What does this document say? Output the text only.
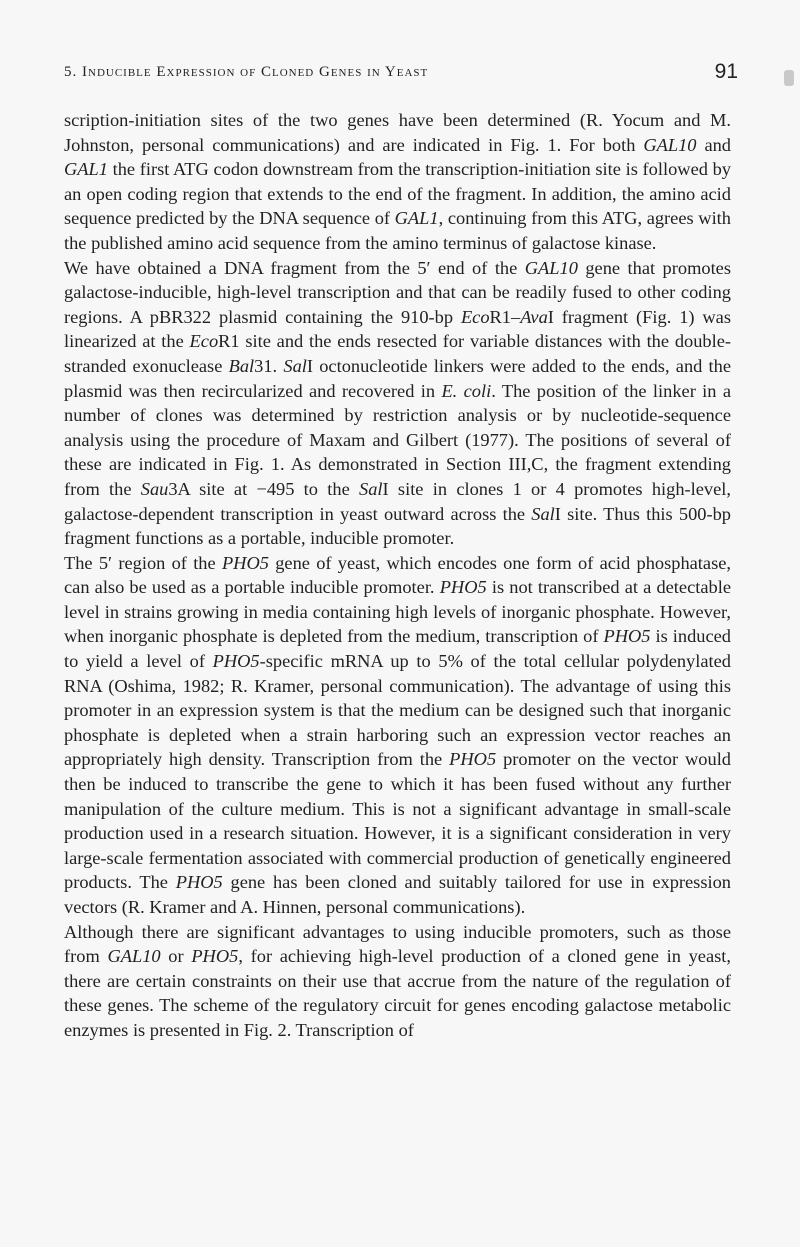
5. Inducible Expression of Cloned Genes in Yeast	91

scription-initiation sites of the two genes have been determined (R. Yocum and M. Johnston, personal communications) and are indicated in Fig. 1. For both GAL10 and GAL1 the first ATG codon downstream from the transcription-initiation site is followed by an open coding region that extends to the end of the fragment. In addition, the amino acid sequence predicted by the DNA sequence of GAL1, continuing from this ATG, agrees with the published amino acid sequence from the amino terminus of galactose kinase.

We have obtained a DNA fragment from the 5′ end of the GAL10 gene that promotes galactose-inducible, high-level transcription and that can be readily fused to other coding regions. A pBR322 plasmid containing the 910-bp EcoR1–AvaI fragment (Fig. 1) was linearized at the EcoR1 site and the ends resected for variable distances with the double-stranded exonuclease Bal31. SalI octonucleotide linkers were added to the ends, and the plasmid was then recircularized and recovered in E. coli. The position of the linker in a number of clones was determined by restriction analysis or by nucleotide-sequence analysis using the procedure of Maxam and Gilbert (1977). The positions of several of these are indicated in Fig. 1. As demonstrated in Section III,C, the fragment extending from the Sau3A site at −495 to the SalI site in clones 1 or 4 promotes high-level, galactose-dependent transcription in yeast outward across the SalI site. Thus this 500-bp fragment functions as a portable, inducible promoter.

The 5′ region of the PHO5 gene of yeast, which encodes one form of acid phosphatase, can also be used as a portable inducible promoter. PHO5 is not transcribed at a detectable level in strains growing in media containing high levels of inorganic phosphate. However, when inorganic phosphate is depleted from the medium, transcription of PHO5 is induced to yield a level of PHO5-specific mRNA up to 5% of the total cellular polydenylated RNA (Oshima, 1982; R. Kramer, personal communication). The advantage of using this promoter in an expression system is that the medium can be designed such that inorganic phosphate is depleted when a strain harboring such an expression vector reaches an appropriately high density. Transcription from the PHO5 promoter on the vector would then be induced to transcribe the gene to which it has been fused without any further manipulation of the culture medium. This is not a significant advantage in small-scale production used in a research situation. However, it is a significant consideration in very large-scale fermentation associated with commercial production of genetically engineered products. The PHO5 gene has been cloned and suitably tailored for use in expression vectors (R. Kramer and A. Hinnen, personal communications).

Although there are significant advantages to using inducible promoters, such as those from GAL10 or PHO5, for achieving high-level production of a cloned gene in yeast, there are certain constraints on their use that accrue from the nature of the regulation of these genes. The scheme of the regulatory circuit for genes encoding galactose metabolic enzymes is presented in Fig. 2. Transcription of
